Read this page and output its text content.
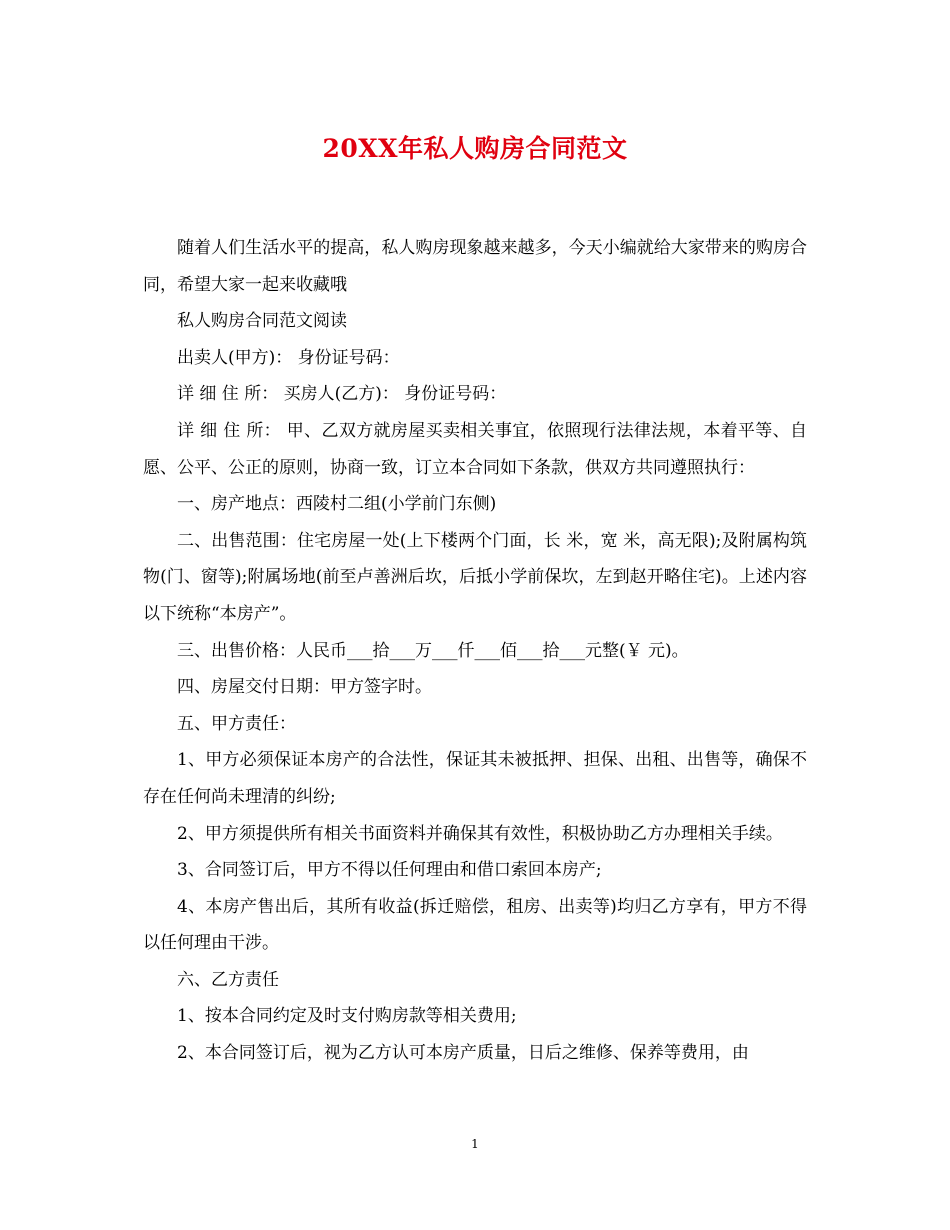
20XX年私人购房合同范文

随着人们生活水平的提高，私人购房现象越来越多，今天小编就给大家带来的购房合同，希望大家一起来收藏哦

私人购房合同范文阅读

出卖人(甲方)： 身份证号码：

详 细 住 所： 买房人(乙方)： 身份证号码：

详 细 住 所： 甲、乙双方就房屋买卖相关事宜，依照现行法律法规，本着平等、自愿、公平、公正的原则，协商一致，订立本合同如下条款，供双方共同遵照执行：

一、房产地点：西陵村二组(小学前门东侧)

二、出售范围：住宅房屋一处(上下楼两个门面，长 米，宽 米，高无限);及附属构筑物(门、窗等);附属场地(前至卢善洲后坎，后抵小学前保坎，左到赵开略住宅)。上述内容以下统称“本房产”。

三、出售价格：人民币___拾___万___仟___佰___拾___元整(￥ 元)。

四、房屋交付日期：甲方签字时。

五、甲方责任：

1、甲方必须保证本房产的合法性，保证其未被抵押、担保、出租、出售等，确保不存在任何尚未理清的纠纷;

2、甲方须提供所有相关书面资料并确保其有效性，积极协助乙方办理相关手续。

3、合同签订后，甲方不得以任何理由和借口索回本房产;

4、本房产售出后，其所有收益(拆迁赔偿，租房、出卖等)均归乙方享有，甲方不得以任何理由干涉。

六、乙方责任

1、按本合同约定及时支付购房款等相关费用;

2、本合同签订后，视为乙方认可本房产质量，日后之维修、保养等费用，由

1
